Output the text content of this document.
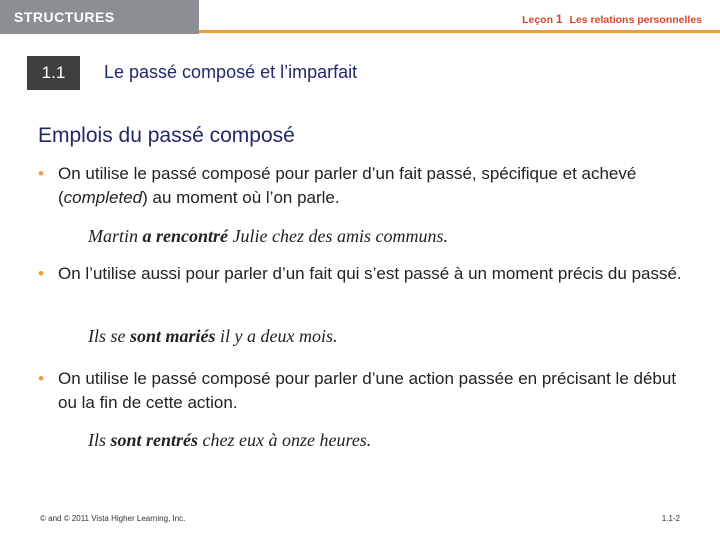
STRUCTURES	Leçon 1 Les relations personnelles
1.1	Le passé composé et l’imparfait
Emplois du passé composé
• On utilise le passé composé pour parler d’un fait passé, spécifique et achevé (completed) au moment où l’on parle.
Martin a rencontré Julie chez des amis communs.
• On l’utilise aussi pour parler d’un fait qui s’est passé à un moment précis du passé.
Ils se sont mariés il y a deux mois.
• On utilise le passé composé pour parler d’une action passée en précisant le début ou la fin de cette action.
Ils sont rentrés chez eux à onze heures.
© and © 2011 Vista Higher Learning, Inc.	1.1-2
